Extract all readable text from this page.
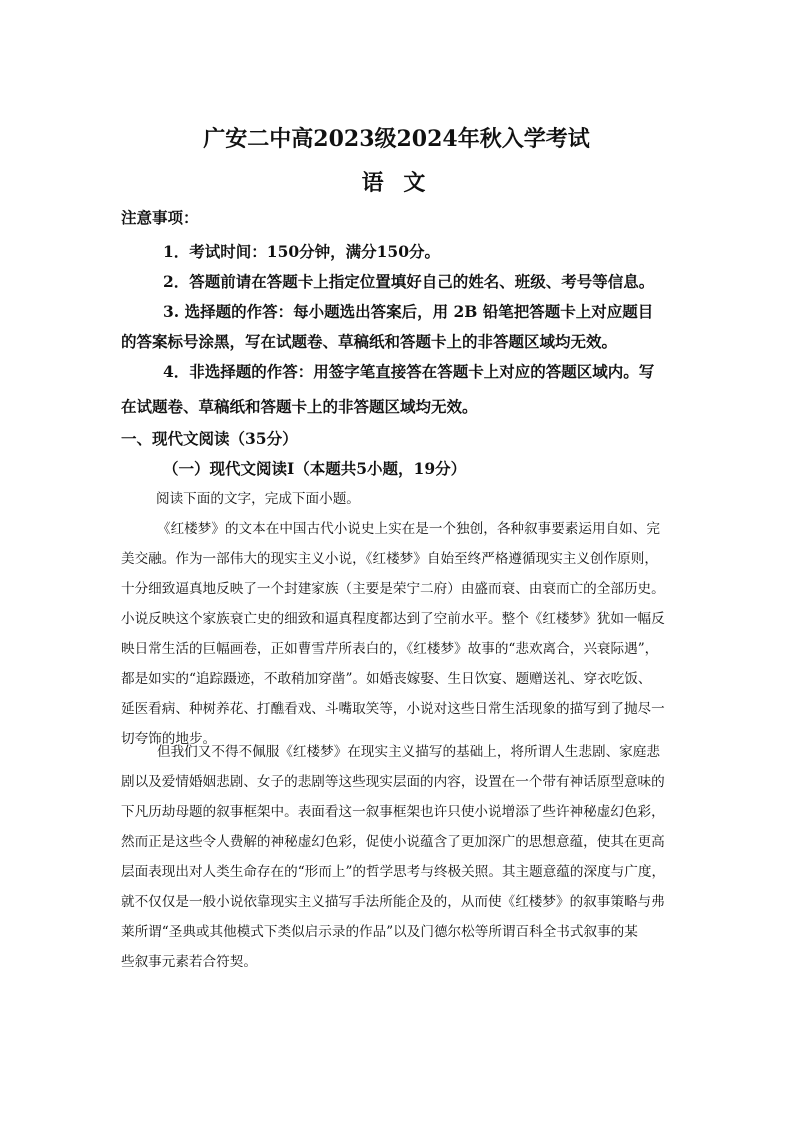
广安二中高2023级2024年秋入学考试
语 文
注意事项：
1．考试时间：150分钟，满分150分。
2．答题前请在答题卡上指定位置填好自己的姓名、班级、考号等信息。
3. 选择题的作答：每小题选出答案后，用 2B 铅笔把答题卡上对应题目
的答案标号涂黑，写在试题卷、草稿纸和答题卡上的非答题区域均无效。
4．非选择题的作答：用签字笔直接答在答题卡上对应的答题区域内。写
在试题卷、草稿纸和答题卡上的非答题区域均无效。
一、现代文阅读（35分）
（一）现代文阅读I（本题共5小题，19分）
阅读下面的文字，完成下面小题。
《红楼梦》的文本在中国古代小说史上实在是一个独创，各种叙事要素运用自如、完
美交融。作为一部伟大的现实主义小说，《红楼梦》自始至终严格遵循现实主义创作原则，
十分细致逼真地反映了一个封建家族（主要是荣宁二府）由盛而衰、由衰而亡的全部历史。
小说反映这个家族衰亡史的细致和逼真程度都达到了空前水平。整个《红楼梦》犹如一幅反
映日常生活的巨幅画卷，正如曹雪芹所表白的，《红楼梦》故事的“悲欢离合，兴衰际遇”，
都是如实的“追踪蹑迹，不敢稍加穿凿”。如婚丧嫁娶、生日饮宴、题赠送礼、穿衣吃饭、
延医看病、种树养花、打醮看戏、斗嘴取笑等，小说对这些日常生活现象的描写到了抛尽一
切夸饰的地步。
但我们又不得不佩服《红楼梦》在现实主义描写的基础上，将所谓人生悲剧、家庭悲
剧以及爱情婚姻悲剧、女子的悲剧等这些现实层面的内容，设置在一个带有神话原型意味的
下凡历劫母题的叙事框架中。表面看这一叙事框架也许只使小说增添了些许神秘虚幻色彩，
然而正是这些令人费解的神秘虚幻色彩，促使小说蕴含了更加深广的思想意蕴，使其在更高
层面表现出对人类生命存在的“形而上”的哲学思考与终极关照。其主题意蕴的深度与广度，
就不仅仅是一般小说依靠现实主义描写手法所能企及的，从而使《红楼梦》的叙事策略与弗
莱所谓“圣典或其他模式下类似启示录的作品”以及门德尔松等所谓百科全书式叙事的某
些叙事元素若合符契。
